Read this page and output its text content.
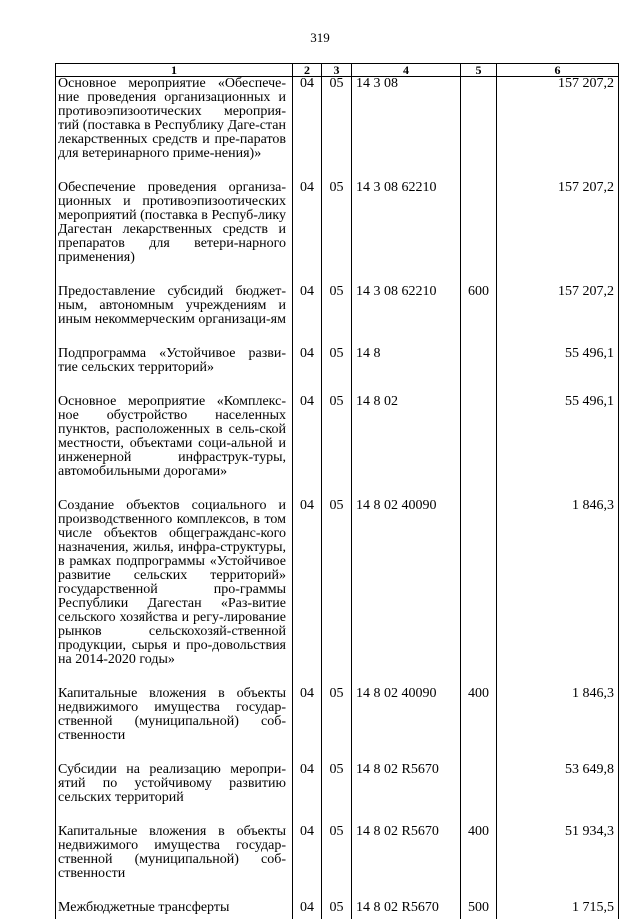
319
1	2	3	4	5	6
Основное мероприятие «Обеспече-ние проведения организационных и противоэпизоотических мероприя-тий (поставка в Республику Даге-стан лекарственных средств и пре-паратов для ветеринарного приме-нения)»	04	05	14 3 08		157 207,2
Обеспечение проведения организа-ционных и противоэпизоотических мероприятий (поставка в Респуб-лику Дагестан лекарственных средств и препаратов для ветери-нарного применения)	04	05	14 3 08 62210		157 207,2
Предоставление субсидий бюджет-ным, автономным учреждениям и иным некоммерческим организаци-ям	04	05	14 3 08 62210	600	157 207,2
Подпрограмма «Устойчивое разви-тие сельских территорий»	04	05	14 8		55 496,1
Основное мероприятие «Комплекс-ное обустройство населенных пунктов, расположенных в сель-ской местности, объектами соци-альной и инженерной инфраструк-туры, автомобильными дорогами»	04	05	14 8 02		55 496,1
Создание объектов социального и производственного комплексов, в том числе объектов общегражданс-кого назначения, жилья, инфра-структуры, в рамках подпрограммы «Устойчивое развитие сельских территорий» государственной про-граммы Республики Дагестан «Раз-витие сельского хозяйства и регу-лирование рынков сельскохозяй-ственной продукции, сырья и про-довольствия на 2014-2020 годы»	04	05	14 8 02 40090		1 846,3
Капитальные вложения в объекты недвижимого имущества государ-ственной (муниципальной) соб-ственности	04	05	14 8 02 40090	400	1 846,3
Субсидии на реализацию меропри-ятий по устойчивому развитию сельских территорий	04	05	14 8 02 R5670		53 649,8
Капитальные вложения в объекты недвижимого имущества государ-ственной (муниципальной) соб-ственности	04	05	14 8 02 R5670	400	51 934,3
Межбюджетные трансферты	04	05	14 8 02 R5670	500	1 715,5
